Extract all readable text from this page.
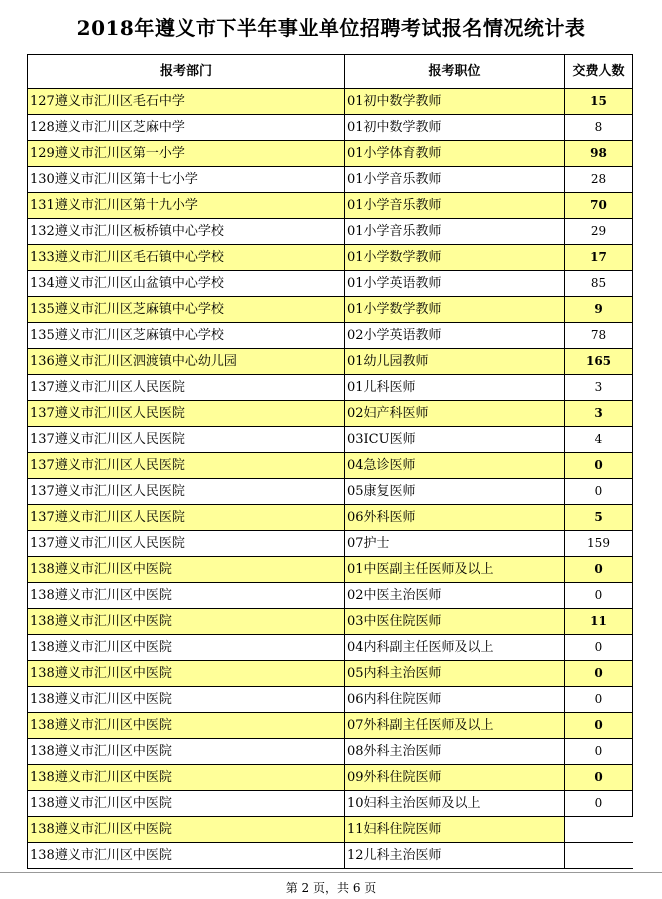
2018年遵义市下半年事业单位招聘考试报名情况统计表
报考部门	报考职位	交费人数
127遵义市汇川区毛石中学	01初中数学教师	15
128遵义市汇川区芝麻中学	01初中数学教师	8
129遵义市汇川区第一小学	01小学体育教师	98
130遵义市汇川区第十七小学	01小学音乐教师	28
131遵义市汇川区第十九小学	01小学音乐教师	70
132遵义市汇川区板桥镇中心学校	01小学音乐教师	29
133遵义市汇川区毛石镇中心学校	01小学数学教师	17
134遵义市汇川区山盆镇中心学校	01小学英语教师	85
135遵义市汇川区芝麻镇中心学校	01小学数学教师	9
135遵义市汇川区芝麻镇中心学校	02小学英语教师	78
136遵义市汇川区泗渡镇中心幼儿园	01幼儿园教师	165
137遵义市汇川区人民医院	01儿科医师	3
137遵义市汇川区人民医院	02妇产科医师	3
137遵义市汇川区人民医院	03ICU医师	4
137遵义市汇川区人民医院	04急诊医师	0
137遵义市汇川区人民医院	05康复医师	0
137遵义市汇川区人民医院	06外科医师	5
137遵义市汇川区人民医院	07护士	159
138遵义市汇川区中医院	01中医副主任医师及以上	0
138遵义市汇川区中医院	02中医主治医师	0
138遵义市汇川区中医院	03中医住院医师	11
138遵义市汇川区中医院	04内科副主任医师及以上	0
138遵义市汇川区中医院	05内科主治医师	0
138遵义市汇川区中医院	06内科住院医师	0
138遵义市汇川区中医院	07外科副主任医师及以上	0
138遵义市汇川区中医院	08外科主治医师	0
138遵义市汇川区中医院	09外科住院医师	0
138遵义市汇川区中医院	10妇科主治医师及以上	0
138遵义市汇川区中医院	11妇科住院医师	
138遵义市汇川区中医院	12儿科主治医师	
第 2 页，共 6 页
